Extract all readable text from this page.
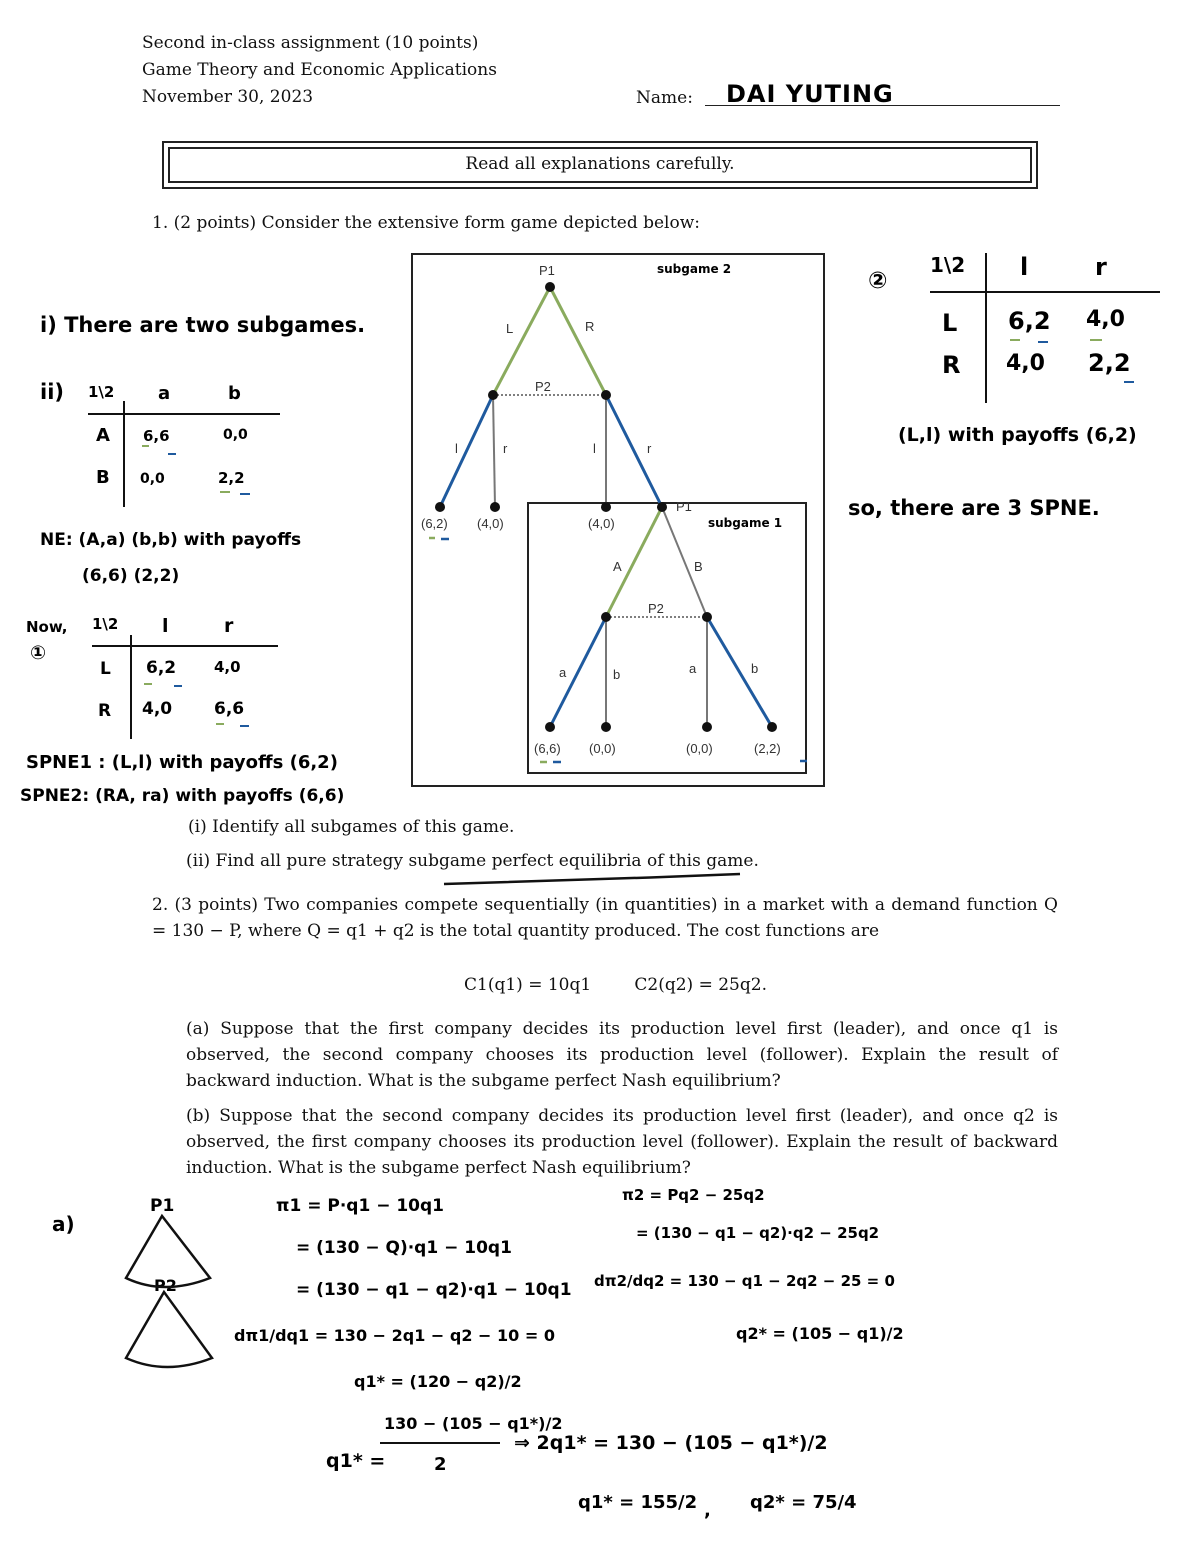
Second in-class assignment (10 points)
Game Theory and Economic Applications
November 30, 2023	Name: DAI YUTING
Read all explanations carefully.
1. (2 points) Consider the extensive form game depicted below:
P1
L	R
P2
l	r	l	r
(6,2) (4,0)	(4,0)
P1
A	B
P2
a	b	a	b
(6,6) (0,0)	(0,0)	(2,2)
subgame 2
subgame 1
i) There are two subgames.
ii) 1\2 a	b
A 6,6	0,0
B 0,0	2,2
NE: (A,a) (b,b) with payoffs
(6,6) (2,2)
Now,
①
1\2 l	r
L 6,2	4,0
R 4,0 6,6
SPNE1 : (L,l) with payoffs (6,2)
SPNE2: (RA, ra) with payoffs (6,6)
②
1\2 l	r
L 6,2 4,0
R 4,0 2,2
(L,l) with payoffs (6,2)
so, there are 3 SPNE.
(i) Identify all subgames of this game.
(ii) Find all pure strategy subgame perfect equilibria of this game.
2. (3 points) Two companies compete sequentially (in quantities) in a market with a demand function Q = 130 − P, where Q = q1 + q2 is the total quantity produced. The cost functions are
C1(q1) = 10q1        C2(q2) = 25q2.
(a) Suppose that the first company decides its production level first (leader), and once q1 is observed, the second company chooses its production level (follower). Explain the result of backward induction. What is the subgame perfect Nash equilibrium?
(b) Suppose that the second company decides its production level first (leader), and once q2 is observed, the first company chooses its production level (follower). Explain the result of backward induction. What is the subgame perfect Nash equilibrium?
a)
P1
P2
π1 = P·q1 − 10q1
= (130 − Q)·q1 − 10q1
= (130 − q1 − q2)·q1 − 10q1
dπ1/dq1 = 130 − 2q1 − q2 − 10 = 0
q1* = (120 − q2)/2
π2 = Pq2 − 25q2
= (130 − q1 − q2)·q2 − 25q2
dπ2/dq2 = 130 − q1 − 2q2 − 25 = 0
q2* = (105 − q1)/2
q1* =
130 − (105 − q1*)/2
2
⇒ 2q1* = 130 − (105 − q1*)/2
q1* = 155/2 , q2* = 75/4
